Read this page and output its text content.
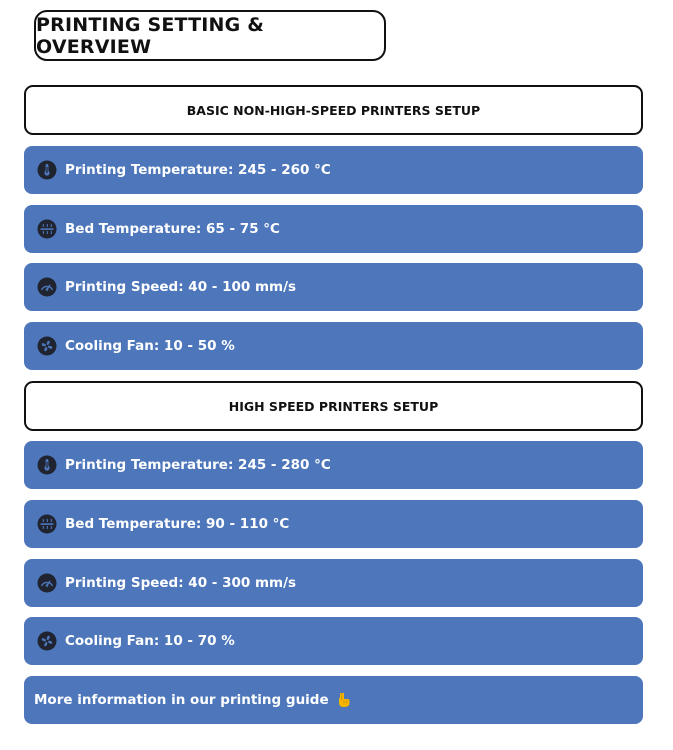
PRINTING SETTING & OVERVIEW
BASIC NON-HIGH-SPEED PRINTERS SETUP
Printing Temperature: 245 - 260 °C
Bed Temperature: 65 - 75 °C
Printing Speed: 40 - 100 mm/s
Cooling Fan: 10 - 50 %
HIGH SPEED PRINTERS SETUP
Printing Temperature: 245 - 280 °C
Bed Temperature: 90 - 110 °C
Printing Speed: 40 - 300 mm/s
Cooling Fan: 10 - 70 %
More information in our printing guide
